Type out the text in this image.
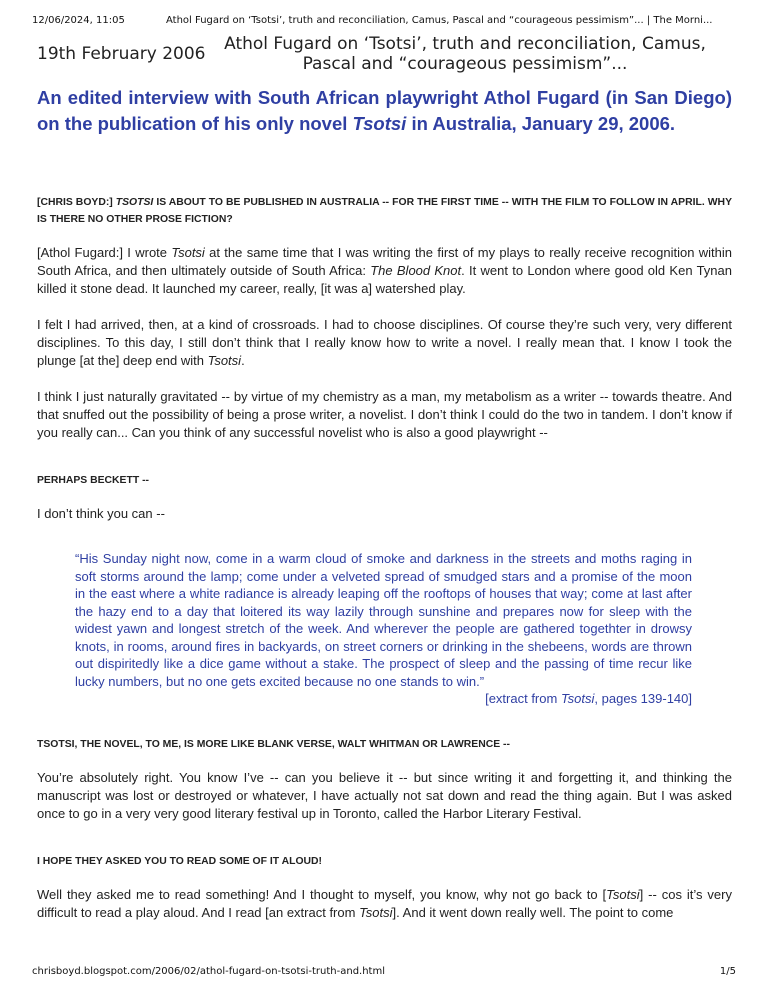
12/06/2024, 11:05	Athol Fugard on ‘Tsotsi’, truth and reconciliation, Camus, Pascal and “courageous pessimism”... | The Morni...
19th February 2006	Athol Fugard on ‘Tsotsi’, truth and reconciliation, Camus, Pascal and “courageous pessimism”...

An edited interview with South African playwright Athol Fugard (in San Diego) on the publication of his only novel Tsotsi in Australia, January 29, 2006.

[CHRIS BOYD:] TSOTSI IS ABOUT TO BE PUBLISHED IN AUSTRALIA -- FOR THE FIRST TIME -- WITH THE FILM TO FOLLOW IN APRIL. WHY IS THERE NO OTHER PROSE FICTION?

[Athol Fugard:] I wrote Tsotsi at the same time that I was writing the first of my plays to really receive recognition within South Africa, and then ultimately outside of South Africa: The Blood Knot. It went to London where good old Ken Tynan killed it stone dead. It launched my career, really, [it was a] watershed play.

I felt I had arrived, then, at a kind of crossroads. I had to choose disciplines. Of course they’re such very, very different disciplines. To this day, I still don’t think that I really know how to write a novel. I really mean that. I know I took the plunge [at the] deep end with Tsotsi.

I think I just naturally gravitated -- by virtue of my chemistry as a man, my metabolism as a writer -- towards theatre. And that snuffed out the possibility of being a prose writer, a novelist. I don’t think I could do the two in tandem. I don’t know if you really can... Can you think of any successful novelist who is also a good playwright --

PERHAPS BECKETT --

I don’t think you can --

“His Sunday night now, come in a warm cloud of smoke and darkness in the streets and moths raging in soft storms around the lamp; come under a velveted spread of smudged stars and a promise of the moon in the east where a white radiance is already leaping off the rooftops of houses that way; come at last after the hazy end to a day that loitered its way lazily through sunshine and prepares now for sleep with the widest yawn and longest stretch of the week. And wherever the people are gathered togethter in drowsy knots, in rooms, around fires in backyards, on street corners or drinking in the shebeens, words are thrown out dispiritedly like a dice game without a stake. The prospect of sleep and the passing of time recur like lucky numbers, but no one gets excited because no one stands to win.”
[extract from Tsotsi, pages 139-140]

TSOTSI, THE NOVEL, TO ME, IS MORE LIKE BLANK VERSE, WALT WHITMAN OR LAWRENCE --

You’re absolutely right. You know I’ve -- can you believe it -- but since writing it and forgetting it, and thinking the manuscript was lost or destroyed or whatever, I have actually not sat down and read the thing again. But I was asked once to go in a very very good literary festival up in Toronto, called the Harbor Literary Festival.

I HOPE THEY ASKED YOU TO READ SOME OF IT ALOUD!

Well they asked me to read something! And I thought to myself, you know, why not go back to [Tsotsi] -- cos it’s very difficult to read a play aloud. And I read [an extract from Tsotsi]. And it went down really well. The point to come

chrisboyd.blogspot.com/2006/02/athol-fugard-on-tsotsi-truth-and.html	1/5
